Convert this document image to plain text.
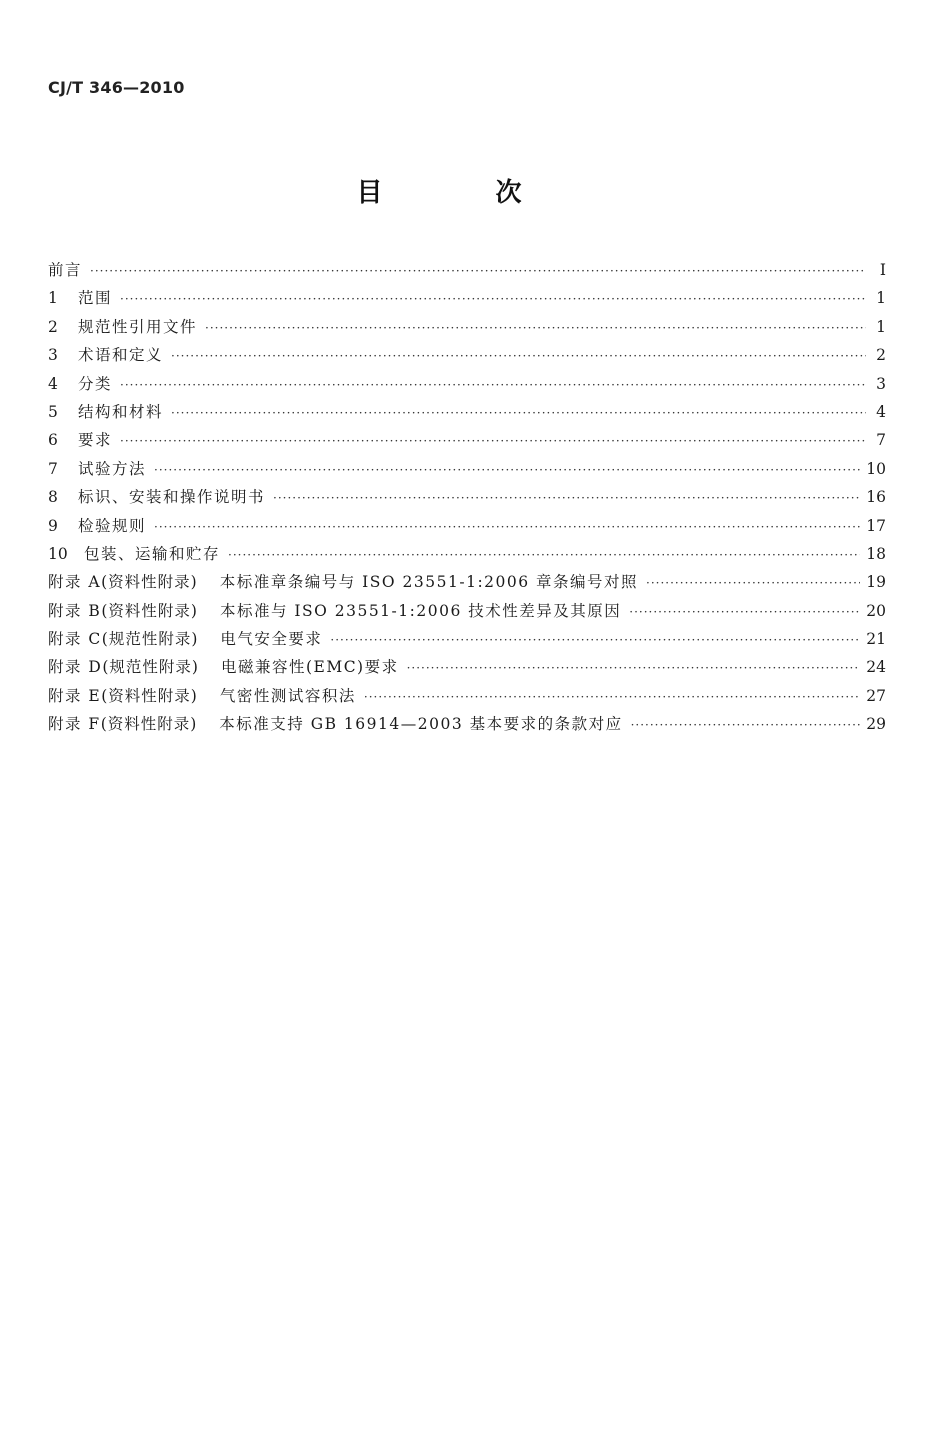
CJ/T 346—2010
目 次
前言 ·····	Ⅰ
1	范围 ·····	1
2	规范性引用文件 ·····	1
3	术语和定义 ·····	2
4	分类 ·····	3
5	结构和材料 ·····	4
6	要求 ·····	7
7	试验方法 ·····	10
8	标识、安装和操作说明书 ·····	16
9	检验规则 ·····	17
10	包装、运输和贮存 ·····	18
附录 A (资料性附录) 本标准章条编号与 ISO 23551-1:2006 章条编号对照 ·····	19
附录 B (资料性附录) 本标准与 ISO 23551-1:2006 技术性差异及其原因 ·····	20
附录 C (规范性附录) 电气安全要求 ·····	21
附录 D (规范性附录) 电磁兼容性(EMC)要求 ·····	24
附录 E (资料性附录) 气密性测试容积法 ·····	27
附录 F (资料性附录) 本标准支持 GB 16914—2003 基本要求的条款对应 ·····	29
